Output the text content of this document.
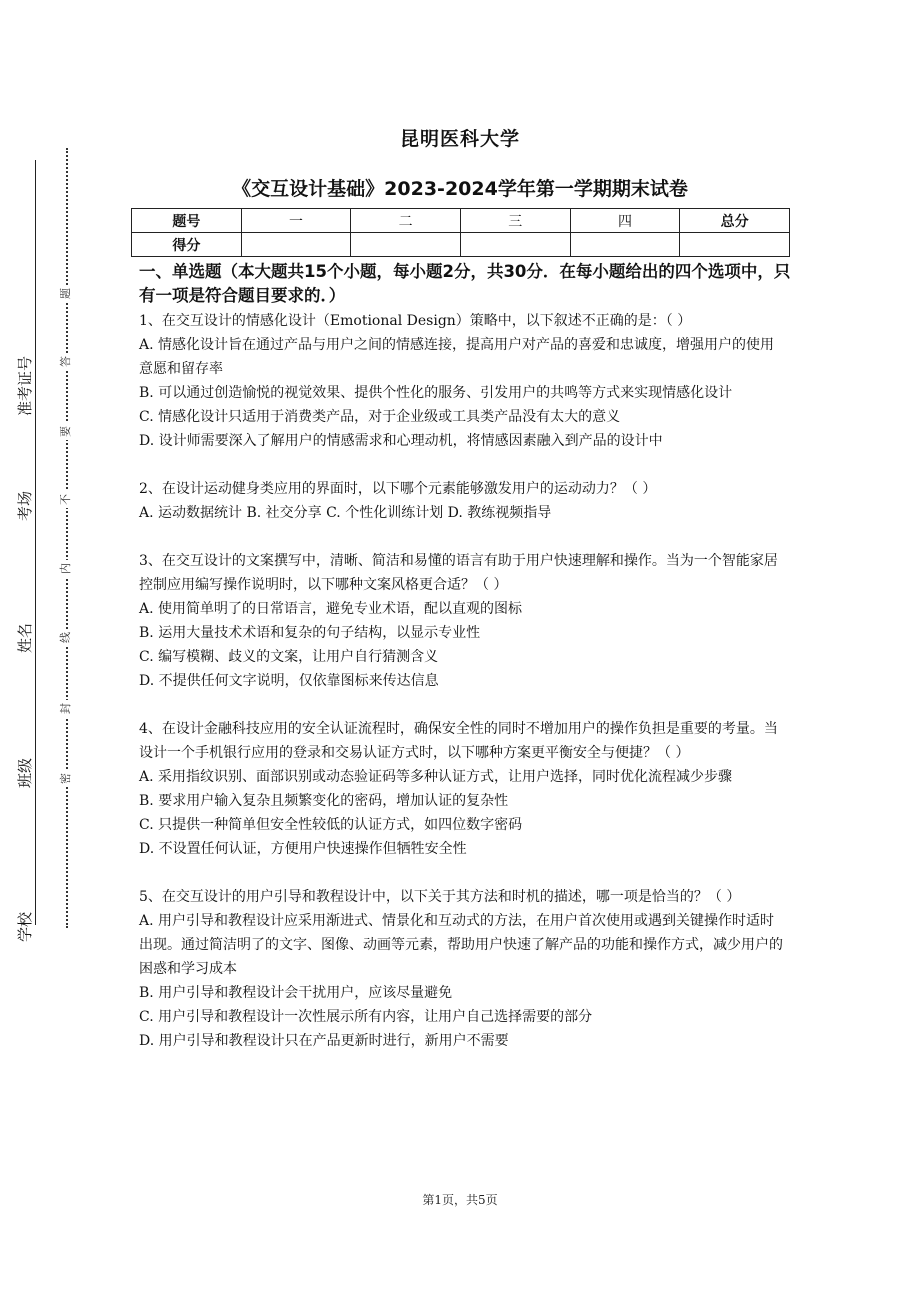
准考证号
考场
姓名
班级
学校
题
答
要
不
内
线
封
密
昆明医科大学
《交互设计基础》2023-2024学年第一学期期末试卷
题号	一	二	三	四	总分
得分					
一、单选题（本大题共15个小题，每小题2分，共30分．在每小题给出的四个选项中，只有一项是符合题目要求的．）

1、在交互设计的情感化设计（Emotional Design）策略中，以下叙述不正确的是：（ ）

A. 情感化设计旨在通过产品与用户之间的情感连接，提高用户对产品的喜爱和忠诚度，增强用户的使用意愿和留存率

B. 可以通过创造愉悦的视觉效果、提供个性化的服务、引发用户的共鸣等方式来实现情感化设计

C. 情感化设计只适用于消费类产品，对于企业级或工具类产品没有太大的意义

D. 设计师需要深入了解用户的情感需求和心理动机，将情感因素融入到产品的设计中

2、在设计运动健身类应用的界面时，以下哪个元素能够激发用户的运动动力？（ ）

A. 运动数据统计 B. 社交分享 C. 个性化训练计划 D. 教练视频指导

3、在交互设计的文案撰写中，清晰、简洁和易懂的语言有助于用户快速理解和操作。当为一个智能家居控制应用编写操作说明时，以下哪种文案风格更合适？（ ）

A. 使用简单明了的日常语言，避免专业术语，配以直观的图标

B. 运用大量技术术语和复杂的句子结构，以显示专业性

C. 编写模糊、歧义的文案，让用户自行猜测含义

D. 不提供任何文字说明，仅依靠图标来传达信息

4、在设计金融科技应用的安全认证流程时，确保安全性的同时不增加用户的操作负担是重要的考量。当设计一个手机银行应用的登录和交易认证方式时，以下哪种方案更平衡安全与便捷？（ ）

A. 采用指纹识别、面部识别或动态验证码等多种认证方式，让用户选择，同时优化流程减少步骤

B. 要求用户输入复杂且频繁变化的密码，增加认证的复杂性

C. 只提供一种简单但安全性较低的认证方式，如四位数字密码

D. 不设置任何认证，方便用户快速操作但牺牲安全性

5、在交互设计的用户引导和教程设计中，以下关于其方法和时机的描述，哪一项是恰当的？（ ）

A. 用户引导和教程设计应采用渐进式、情景化和互动式的方法，在用户首次使用或遇到关键操作时适时出现。通过简洁明了的文字、图像、动画等元素，帮助用户快速了解产品的功能和操作方式，减少用户的困惑和学习成本

B. 用户引导和教程设计会干扰用户，应该尽量避免

C. 用户引导和教程设计一次性展示所有内容，让用户自己选择需要的部分

D. 用户引导和教程设计只在产品更新时进行，新用户不需要

第1页，共5页
